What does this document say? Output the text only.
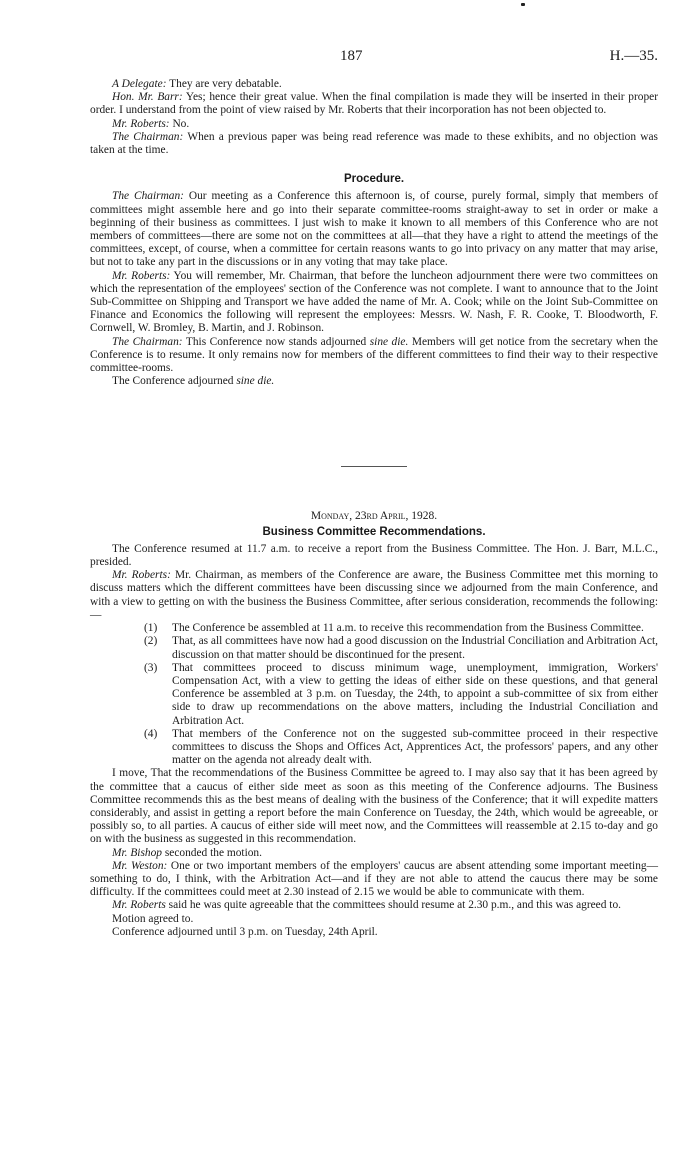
187	H.—35.

A Delegate: They are very debatable.

Hon. Mr. Barr: Yes; hence their great value. When the final compilation is made they will be inserted in their proper order. I understand from the point of view raised by Mr. Roberts that their incorporation has not been objected to.

Mr. Roberts: No.

The Chairman: When a previous paper was being read reference was made to these exhibits, and no objection was taken at the time.

Procedure.

The Chairman: Our meeting as a Conference this afternoon is, of course, purely formal, simply that members of committees might assemble here and go into their separate committee-rooms straight-away to set in order or make a beginning of their business as committees. I just wish to make it known to all members of this Conference who are not members of committees—there are some not on the committees at all—that they have a right to attend the meetings of the committees, except, of course, when a committee for certain reasons wants to go into privacy on any matter that may arise, but not to take any part in the discussions or in any voting that may take place.

Mr. Roberts: You will remember, Mr. Chairman, that before the luncheon adjournment there were two committees on which the representation of the employees' section of the Conference was not complete. I want to announce that to the Joint Sub-Committee on Shipping and Transport we have added the name of Mr. A. Cook; while on the Joint Sub-Committee on Finance and Economics the following will represent the employees: Messrs. W. Nash, F. R. Cooke, T. Bloodworth, F. Cornwell, W. Bromley, B. Martin, and J. Robinson.

The Chairman: This Conference now stands adjourned sine die. Members will get notice from the secretary when the Conference is to resume. It only remains now for members of the different committees to find their way to their respective committee-rooms.

The Conference adjourned sine die.

Monday, 23rd April, 1928.
Business Committee Recommendations.

The Conference resumed at 11.7 a.m. to receive a report from the Business Committee. The Hon. J. Barr, M.L.C., presided.

Mr. Roberts: Mr. Chairman, as members of the Conference are aware, the Business Committee met this morning to discuss matters which the different committees have been discussing since we adjourned from the main Conference, and with a view to getting on with the business the Business Committee, after serious consideration, recommends the following:—

(1) The Conference be assembled at 11 a.m. to receive this recommendation from the Business Committee.
(2) That, as all committees have now had a good discussion on the Industrial Conciliation and Arbitration Act, discussion on that matter should be discontinued for the present.
(3) That committees proceed to discuss minimum wage, unemployment, immigration, Workers' Compensation Act, with a view to getting the ideas of either side on these questions, and that general Conference be assembled at 3 p.m. on Tuesday, the 24th, to appoint a sub-committee of six from either side to draw up recommendations on the above matters, including the Industrial Conciliation and Arbitration Act.
(4) That members of the Conference not on the suggested sub-committee proceed in their respective committees to discuss the Shops and Offices Act, Apprentices Act, the professors' papers, and any other matter on the agenda not already dealt with.

I move, That the recommendations of the Business Committee be agreed to. I may also say that it has been agreed by the committee that a caucus of either side meet as soon as this meeting of the Conference adjourns. The Business Committee recommends this as the best means of dealing with the business of the Conference; that it will expedite matters considerably, and assist in getting a report before the main Conference on Tuesday, the 24th, which would be agreeable, or possibly so, to all parties. A caucus of either side will meet now, and the Committees will reassemble at 2.15 to-day and go on with the business as suggested in this recommendation.

Mr. Bishop seconded the motion.

Mr. Weston: One or two important members of the employers' caucus are absent attending some important meeting—something to do, I think, with the Arbitration Act—and if they are not able to attend the caucus there may be some difficulty. If the committees could meet at 2.30 instead of 2.15 we would be able to communicate with them.

Mr. Roberts said he was quite agreeable that the committees should resume at 2.30 p.m., and this was agreed to.

Motion agreed to.

Conference adjourned until 3 p.m. on Tuesday, 24th April.
